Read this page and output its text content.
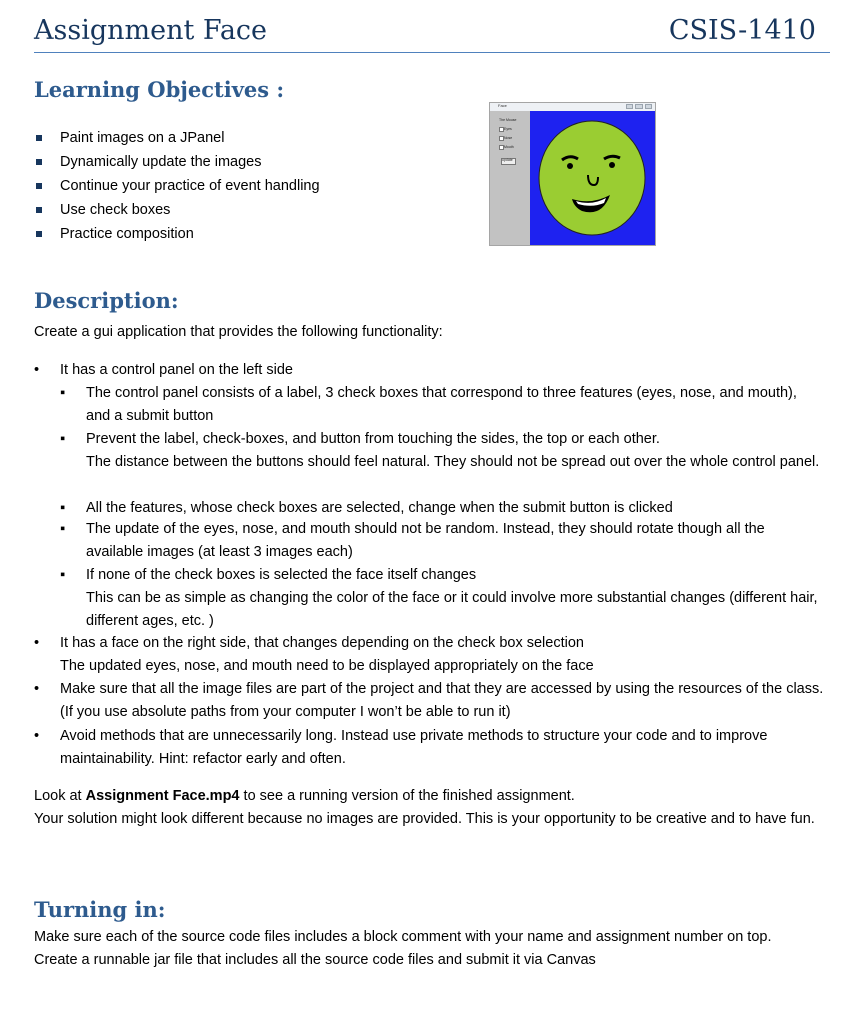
Assignment Face	CSIS-1410
Learning Objectives :
Paint images on a JPanel
Dynamically update the images
Continue your practice of event handling
Use check boxes
Practice composition
Face
The Mouse
Eyes
Nose
Mouth
update
Description:
Create a gui application that provides the following functionality:
•	It has a control panel on the left side
▪	The control panel consists of a label, 3 check boxes that correspond to three features (eyes, nose, and mouth), and a submit button
▪	Prevent the label, check-boxes, and button from touching the sides, the top or each other.
The distance between the buttons should feel natural. They should not be spread out over the whole control panel.
▪	All the features, whose check boxes are selected, change when the submit button is clicked
▪	The update of the eyes, nose, and mouth should not be random. Instead, they should rotate though all the available images (at least 3 images each)
▪	If none of the check boxes is selected the face itself changes
This can be as simple as changing the color of the face or it could involve more substantial changes (different hair, different ages, etc. )
•	It has a face on the right side, that changes depending on the check box selection
The updated eyes, nose, and mouth need to be displayed appropriately on the face
•	Make sure that all the image files are part of the project and that they are accessed by using the resources of the class. (If you use absolute paths from your computer I won’t be able to run it)
•	Avoid methods that are unnecessarily long. Instead use private methods to structure your code and to improve maintainability. Hint: refactor early and often.
Look at Assignment Face.mp4 to see a running version of the finished assignment.
Your solution might look different because no images are provided. This is your opportunity to be creative and to have fun.
Turning in:
Make sure each of the source code files includes a block comment with your name and assignment number on top.
Create a runnable jar file that includes all the source code files and submit it via Canvas
